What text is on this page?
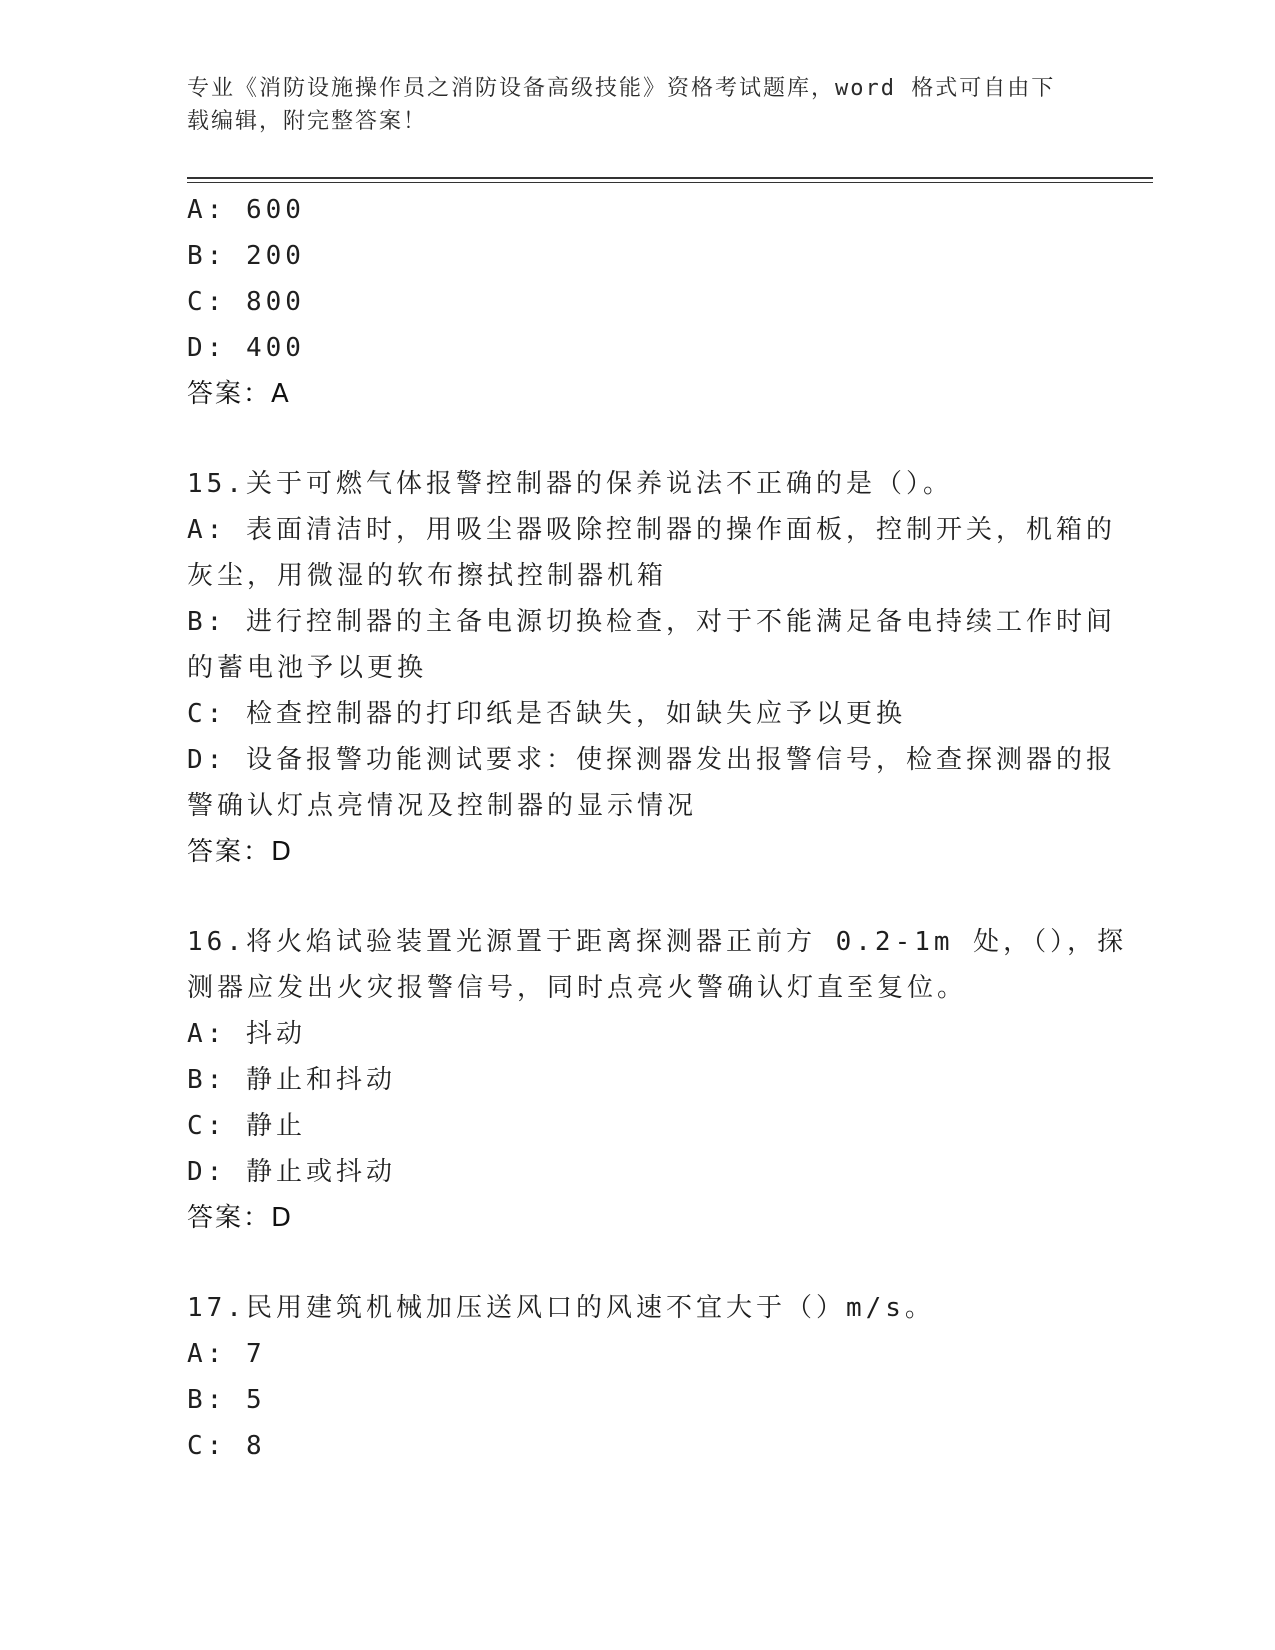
专业《消防设施操作员之消防设备高级技能》资格考试题库，word 格式可自由下
载编辑，附完整答案！
A: 600
B: 200
C: 800
D: 400
答案：A
15.关于可燃气体报警控制器的保养说法不正确的是（）。
A: 表面清洁时，用吸尘器吸除控制器的操作面板，控制开关，机箱的
灰尘，用微湿的软布擦拭控制器机箱
B: 进行控制器的主备电源切换检查，对于不能满足备电持续工作时间
的蓄电池予以更换
C: 检查控制器的打印纸是否缺失，如缺失应予以更换
D: 设备报警功能测试要求：使探测器发出报警信号，检查探测器的报
警确认灯点亮情况及控制器的显示情况
答案：D
16.将火焰试验装置光源置于距离探测器正前方 0.2-1m 处，（），探
测器应发出火灾报警信号，同时点亮火警确认灯直至复位。
A: 抖动
B: 静止和抖动
C: 静止
D: 静止或抖动
答案：D
17.民用建筑机械加压送风口的风速不宜大于（）m/s。
A: 7
B: 5
C: 8
